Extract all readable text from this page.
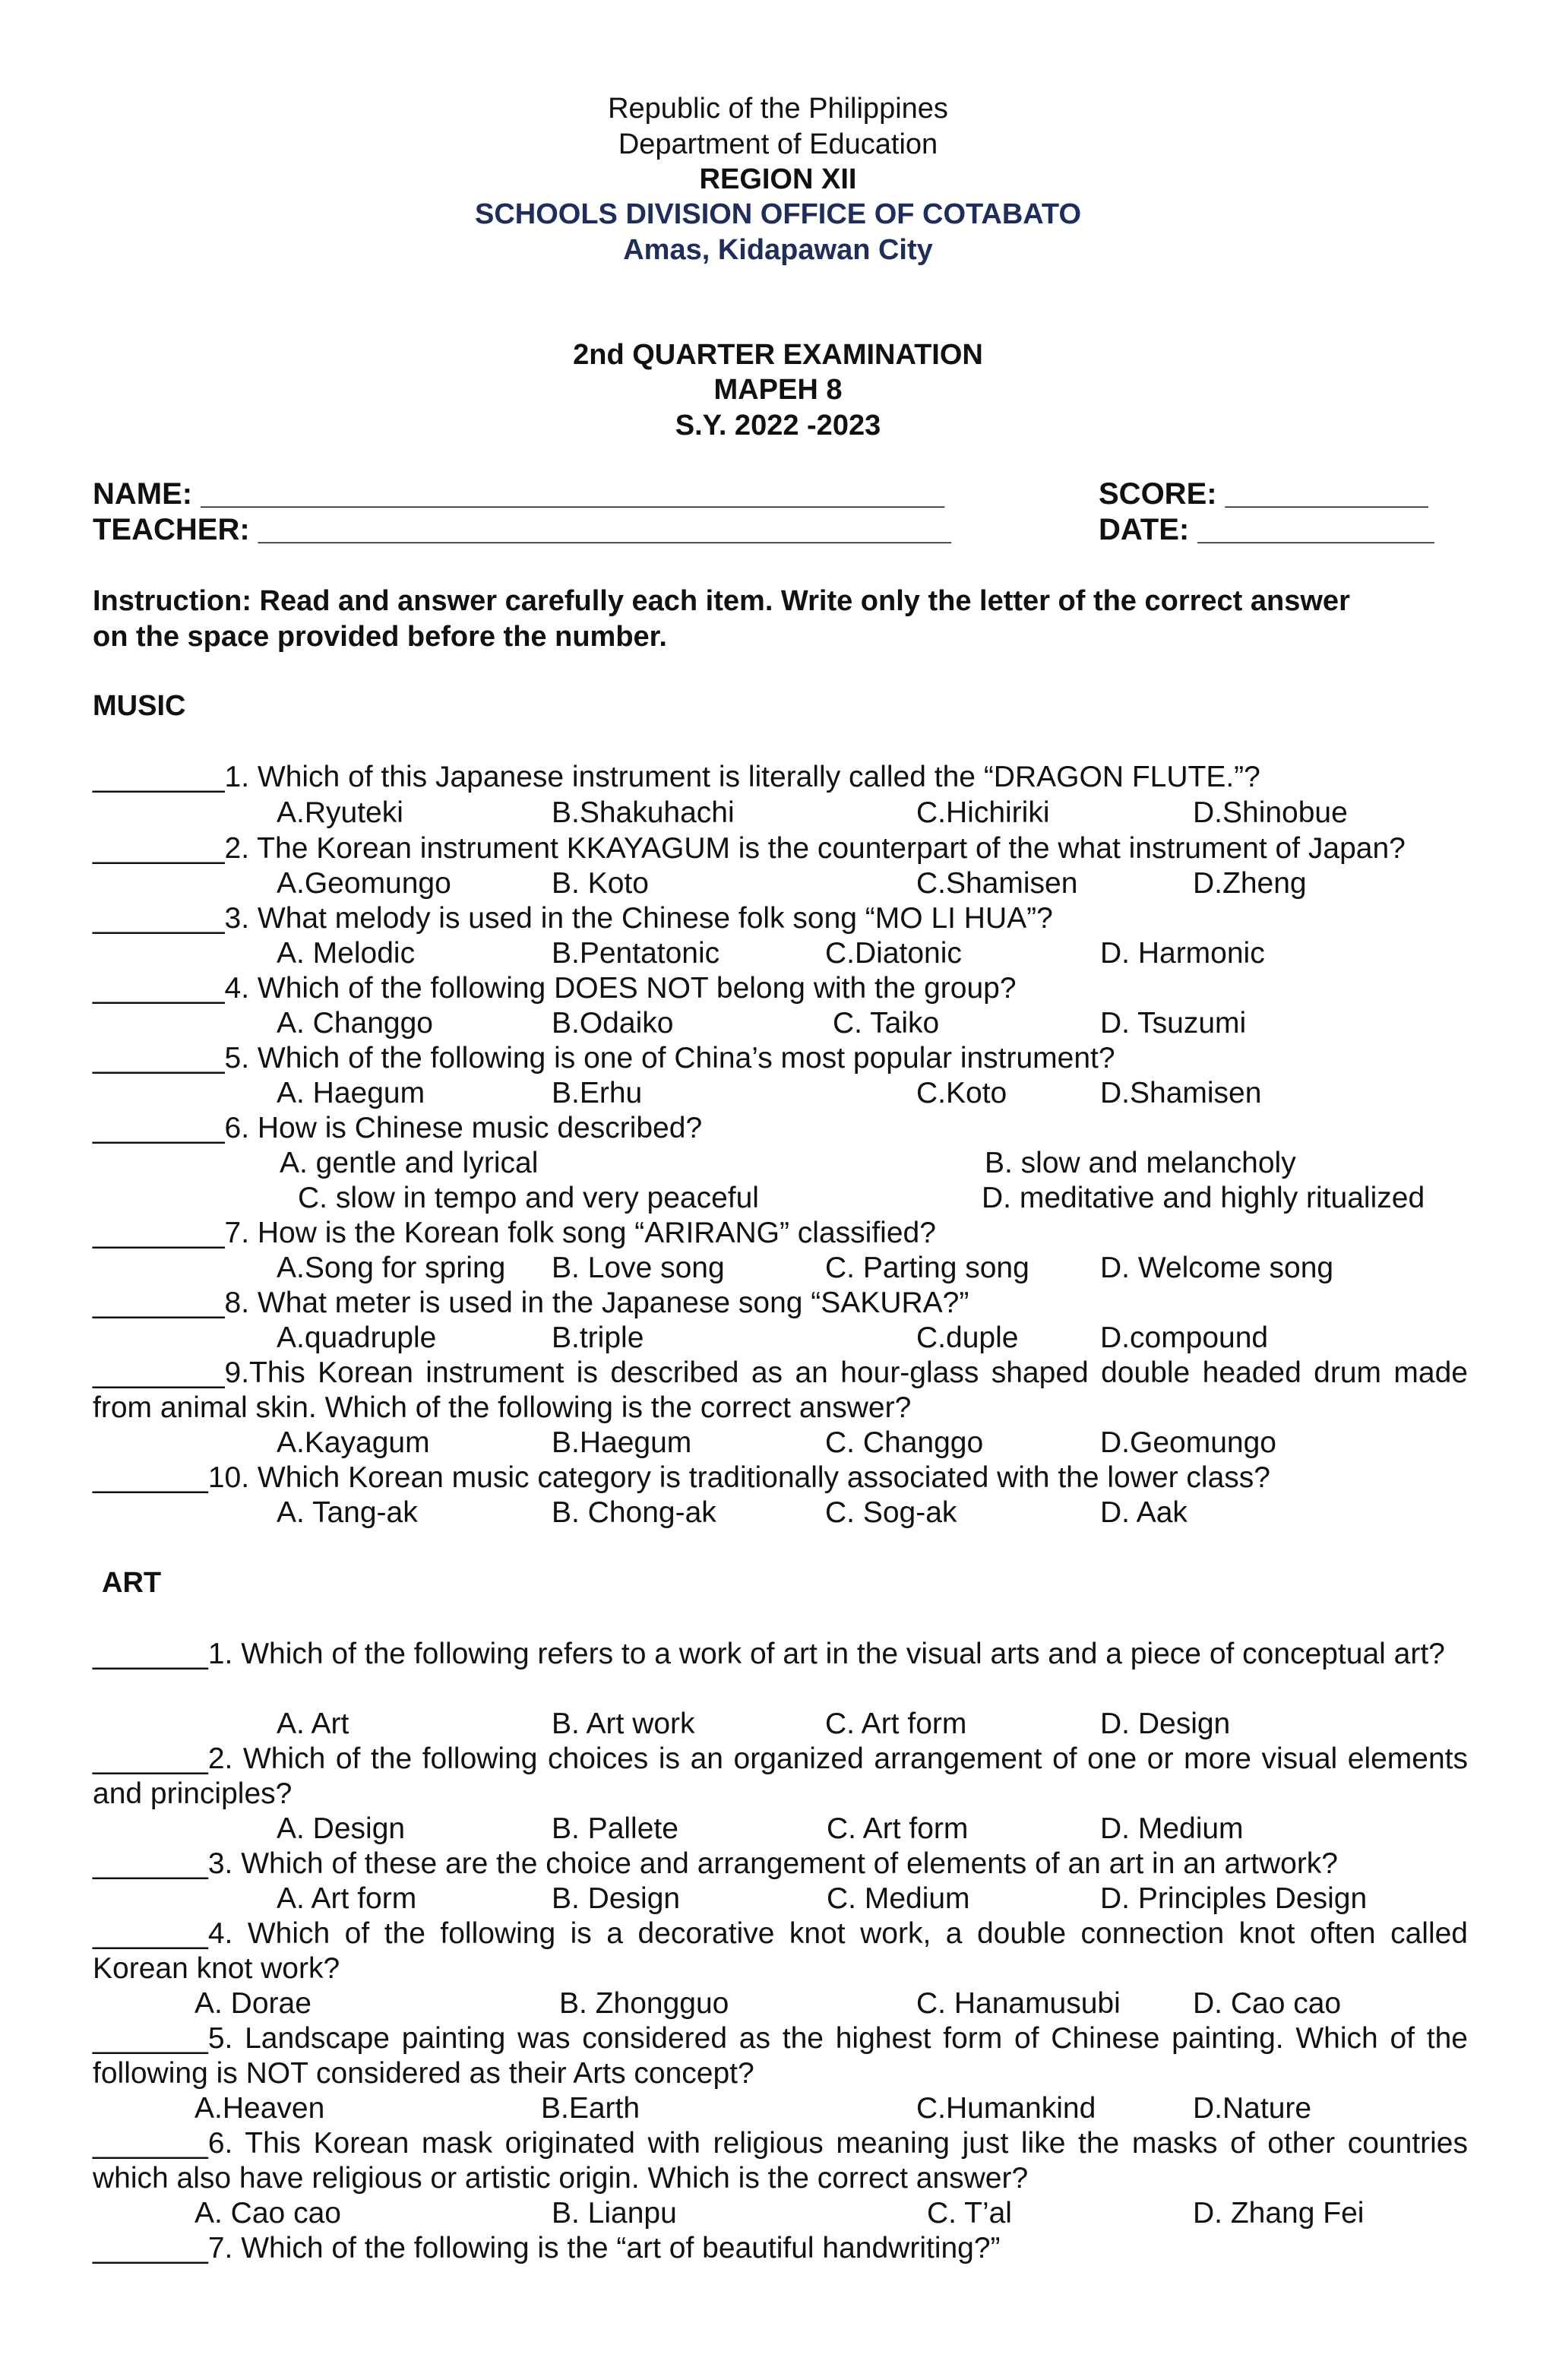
Republic of the Philippines
Department of Education
REGION XII
SCHOOLS DIVISION OFFICE OF COTABATO
Amas, Kidapawan City
2nd QUARTER EXAMINATION
MAPEH 8
S.Y. 2022 -2023
NAME: ____________________________________________	SCORE: ____________
TEACHER: _________________________________________	DATE: ______________
Instruction: Read and answer carefully each item. Write only the letter of the correct answer
on the space provided before the number.
MUSIC
________1. Which of this Japanese instrument is literally called the “DRAGON FLUTE.”?
A.Ryuteki	B.Shakuhachi	C.Hichiriki	D.Shinobue
________2. The Korean instrument KKAYAGUM is the counterpart of the what instrument of Japan?
A.Geomungo	B. Koto	C.Shamisen	D.Zheng
________3. What melody is used in the Chinese folk song “MO LI HUA”?
A. Melodic	B.Pentatonic	C.Diatonic	D. Harmonic
________4. Which of the following DOES NOT belong with the group?
A. Changgo	B.Odaiko	C. Taiko	D. Tsuzumi
________5. Which of the following is one of China’s most popular instrument?
A. Haegum	B.Erhu	C.Koto	D.Shamisen
________6. How is Chinese music described?
A. gentle and lyrical	B. slow and melancholy
C. slow in tempo and very peaceful	D. meditative and highly ritualized
________7. How is the Korean folk song “ARIRANG” classified?
A.Song for spring B. Love song	C. Parting song D. Welcome song
________8. What meter is used in the Japanese song “SAKURA?”
A.quadruple	B.triple	C.duple	D.compound
________9.This Korean instrument is described as an hour-glass shaped double headed drum made from animal skin. Which of the following is the correct answer?
A.Kayagum	B.Haegum	C. Changgo	D.Geomungo
_______10. Which Korean music category is traditionally associated with the lower class?
A. Tang-ak	B. Chong-ak	C. Sog-ak	D. Aak
ART
_______1. Which of the following refers to a work of art in the visual arts and a piece of conceptual art?
A. Art	B. Art work	C. Art form	D. Design
_______2. Which of the following choices is an organized arrangement of one or more visual elements and principles?
A. Design	B. Pallete	C. Art form	D. Medium
_______3. Which of these are the choice and arrangement of elements of an art in an artwork?
A. Art form	B. Design	C. Medium	D. Principles Design
_______4. Which of the following is a decorative knot work, a double connection knot often called Korean knot work?
A. Dorae	B. Zhongguo	C. Hanamusubi D. Cao cao
_______5. Landscape painting was considered as the highest form of Chinese painting. Which of the following is NOT considered as their Arts concept?
A.Heaven	B.Earth	C.Humankind	D.Nature
_______6. This Korean mask originated with religious meaning just like the masks of other countries which also have religious or artistic origin. Which is the correct answer?
A. Cao cao	B. Lianpu	C. T’al	D. Zhang Fei
_______7. Which of the following is the “art of beautiful handwriting?”
